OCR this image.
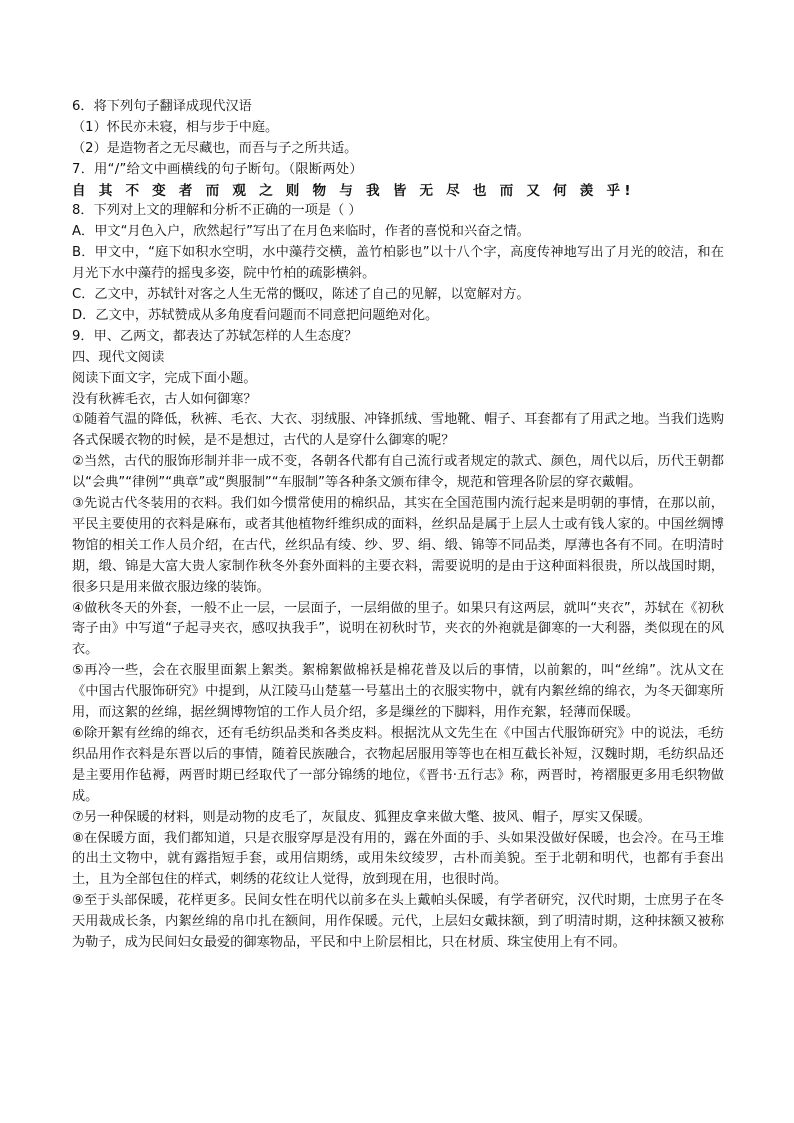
6．将下列句子翻译成现代汉语
（1）怀民亦未寝，相与步于中庭。
（2）是造物者之无尽藏也，而吾与子之所共适。
7．用“/”给文中画横线的句子断句。（限断两处）
自 其 不 变 者 而 观 之 则 物 与 我 皆 无 尽 也 而 又 何 羡 乎!
8．下列对上文的理解和分析不正确的一项是（ ）
A．甲文“月色入户，欣然起行”写出了在月色来临时，作者的喜悦和兴奋之情。
B．甲文中，“庭下如积水空明，水中藻荇交横，盖竹柏影也”以十八个字，高度传神地写出了月光的皎洁，和在月光下水中藻荇的摇曳多姿，院中竹柏的疏影横斜。
C．乙文中，苏轼针对客之人生无常的慨叹，陈述了自己的见解，以宽解对方。
D．乙文中，苏轼赞成从多角度看问题而不同意把问题绝对化。
9．甲、乙两文，都表达了苏轼怎样的人生态度？
四、现代文阅读
阅读下面文字，完成下面小题。
没有秋裤毛衣，古人如何御寒？
①随着气温的降低，秋裤、毛衣、大衣、羽绒服、冲锋抓绒、雪地靴、帽子、耳套都有了用武之地。当我们选购各式保暖衣物的时候，是不是想过，古代的人是穿什么御寒的呢？
②当然，古代的服饰形制并非一成不变，各朝各代都有自己流行或者规定的款式、颜色，周代以后，历代王朝都以“会典”“律例”“典章”或“舆服制”“车服制”等各种条文颁布律令，规范和管理各阶层的穿衣戴帽。
③先说古代冬装用的衣料。我们如今惯常使用的棉织品，其实在全国范围内流行起来是明朝的事情，在那以前，平民主要使用的衣料是麻布，或者其他植物纤维织成的面料，丝织品是属于上层人士或有钱人家的。中国丝绸博物馆的相关工作人员介绍，在古代，丝织品有绫、纱、罗、绢、缎、锦等不同品类，厚薄也各有不同。在明清时期，缎、锦是大富大贵人家制作秋冬外套外面料的主要衣料，需要说明的是由于这种面料很贵，所以战国时期，很多只是用来做衣服边缘的装饰。
④做秋冬天的外套，一般不止一层，一层面子，一层绢做的里子。如果只有这两层，就叫“夹衣”，苏轼在《初秋寄子由》中写道“子起寻夹衣，感叹执我手”，说明在初秋时节，夹衣的外袍就是御寒的一大利器，类似现在的风衣。
⑤再冷一些，会在衣服里面絮上絮类。絮棉絮做棉袄是棉花普及以后的事情，以前絮的，叫“丝绵”。沈从文在《中国古代服饰研究》中提到，从江陵马山楚墓一号墓出土的衣服实物中，就有内絮丝绵的绵衣，为冬天御寒所用，而这絮的丝绵，据丝绸博物馆的工作人员介绍，多是缫丝的下脚料，用作充絮，轻薄而保暖。
⑥除开絮有丝绵的绵衣，还有毛纺织品类和各类皮料。根据沈从文先生在《中国古代服饰研究》中的说法，毛纺织品用作衣料是东晋以后的事情，随着民族融合，衣物起居服用等等也在相互截长补短，汉魏时期，毛纺织品还是主要用作毡褥，两晋时期已经取代了一部分锦绣的地位，《晋书·五行志》称，两晋时，袴褶服更多用毛织物做成。
⑦另一种保暖的材料，则是动物的皮毛了，灰鼠皮、狐狸皮拿来做大氅、披风、帽子，厚实又保暖。
⑧在保暖方面，我们都知道，只是衣服穿厚是没有用的，露在外面的手、头如果没做好保暖，也会冷。在马王堆的出土文物中，就有露指短手套，或用信期绣，或用朱纹绫罗，古朴而美貌。至于北朝和明代，也都有手套出土，且为全部包住的样式，刺绣的花纹让人觉得，放到现在用，也很时尚。
⑨至于头部保暖，花样更多。民间女性在明代以前多在头上戴帕头保暖，有学者研究，汉代时期，士庶男子在冬天用裁成长条，内絮丝绵的帛巾扎在额间，用作保暖。元代，上层妇女戴抹额，到了明清时期，这种抹额又被称为勒子，成为民间妇女最爱的御寒物品，平民和中上阶层相比，只在材质、珠宝使用上有不同。
